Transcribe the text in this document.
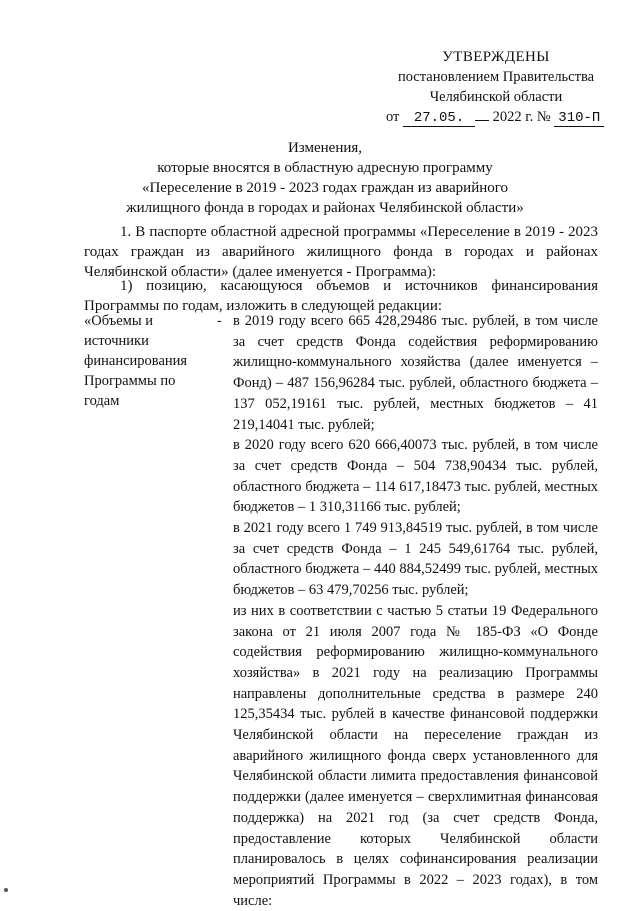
УТВЕРЖДЕНЫ
постановлением Правительства
Челябинской области
от 27.05. 2022 г. № 310-П
Изменения,
которые вносятся в областную адресную программу
«Переселение в 2019 - 2023 годах граждан из аварийного
жилищного фонда в городах и районах Челябинской области»
1. В паспорте областной адресной программы «Переселение в 2019 - 2023 годах граждан из аварийного жилищного фонда в городах и районах Челябинской области» (далее именуется - Программа):
1) позицию, касающуюся объемов и источников финансирования Программы по годам, изложить в следующей редакции:
«Объемы и источники финансирования Программы по годам
- в 2019 году всего 665 428,29486 тыс. рублей, в том числе за счет средств Фонда содействия реформированию жилищно-коммунального хозяйства (далее именуется – Фонд) – 487 156,96284 тыс. рублей, областного бюджета – 137 052,19161 тыс. рублей, местных бюджетов – 41 219,14041 тыс. рублей;

в 2020 году всего 620 666,40073 тыс. рублей, в том числе за счет средств Фонда – 504 738,90434 тыс. рублей, областного бюджета – 114 617,18473 тыс. рублей, местных бюджетов – 1 310,31166 тыс. рублей;

в 2021 году всего 1 749 913,84519 тыс. рублей, в том числе за счет средств Фонда – 1 245 549,61764 тыс. рублей, областного бюджета – 440 884,52499 тыс. рублей, местных бюджетов – 63 479,70256 тыс. рублей;

из них в соответствии с частью 5 статьи 19 Федерального закона от 21 июля 2007 года № 185-ФЗ «О Фонде содействия реформированию жилищно-коммунального хозяйства» в 2021 году на реализацию Программы направлены дополнительные средства в размере 240 125,35434 тыс. рублей в качестве финансовой поддержки Челябинской области на переселение граждан из аварийного жилищного фонда сверх установленного для Челябинской области лимита предоставления финансовой поддержки (далее именуется – сверхлимитная финансовая поддержка) на 2021 год (за счет средств Фонда, предоставление которых Челябинской области планировалось в целях софинансирования реализации мероприятий Программы в 2022 – 2023 годах), в том числе:
